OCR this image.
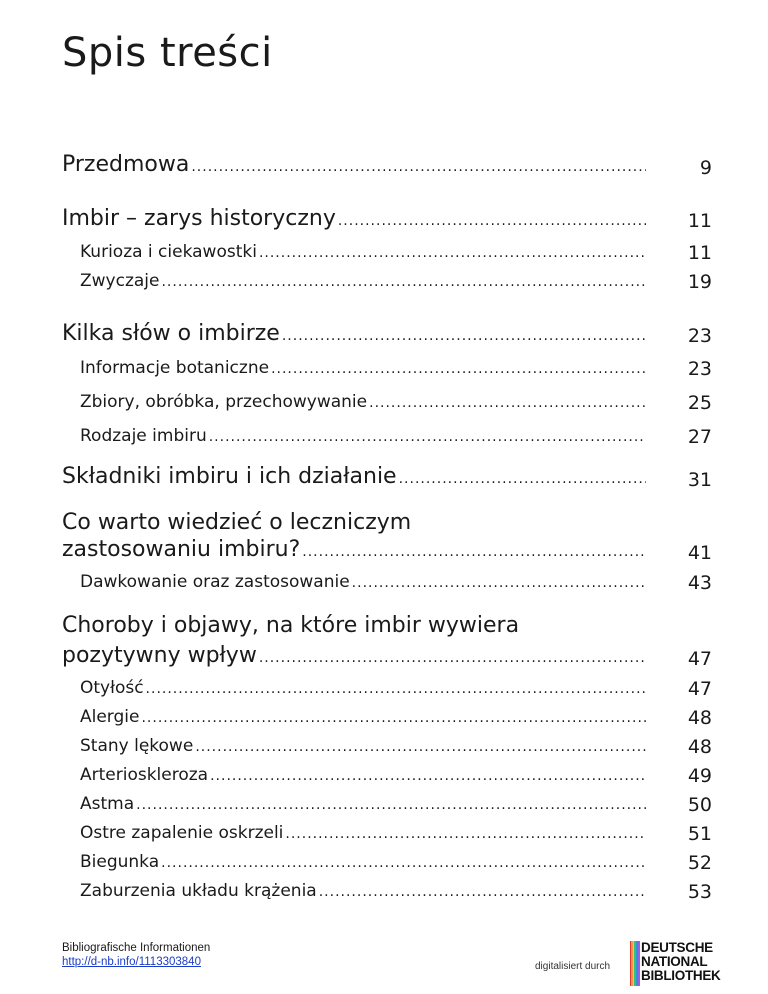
Spis treści
Przedmowa .....	9
Imbir – zarys historyczny .....	11
Kurioza i ciekawostki .....	11
Zwyczaje .....	19
Kilka słów o imbirze .....	23
Informacje botaniczne .....	23
Zbiory, obróbka, przechowywanie .....	25
Rodzaje imbiru .....	27
Składniki imbiru i ich działanie .....	31
Co warto wiedzieć o leczniczym
zastosowaniu imbiru? .....	41
Dawkowanie oraz zastosowanie .....	43
Choroby i objawy, na które imbir wywiera
pozytywny wpływ .....	47
Otyłość .....	47
Alergie .....	48
Stany lękowe .....	48
Arterioskleroza .....	49
Astma .....	50
Ostre zapalenie oskrzeli .....	51
Biegunka .....	52
Zaburzenia układu krążenia .....	53
Bibliografische Informationen
http://d-nb.info/1113303840	digitalisiert durch
DEUTSCHE
NATIONAL
BIBLIOTHEK
